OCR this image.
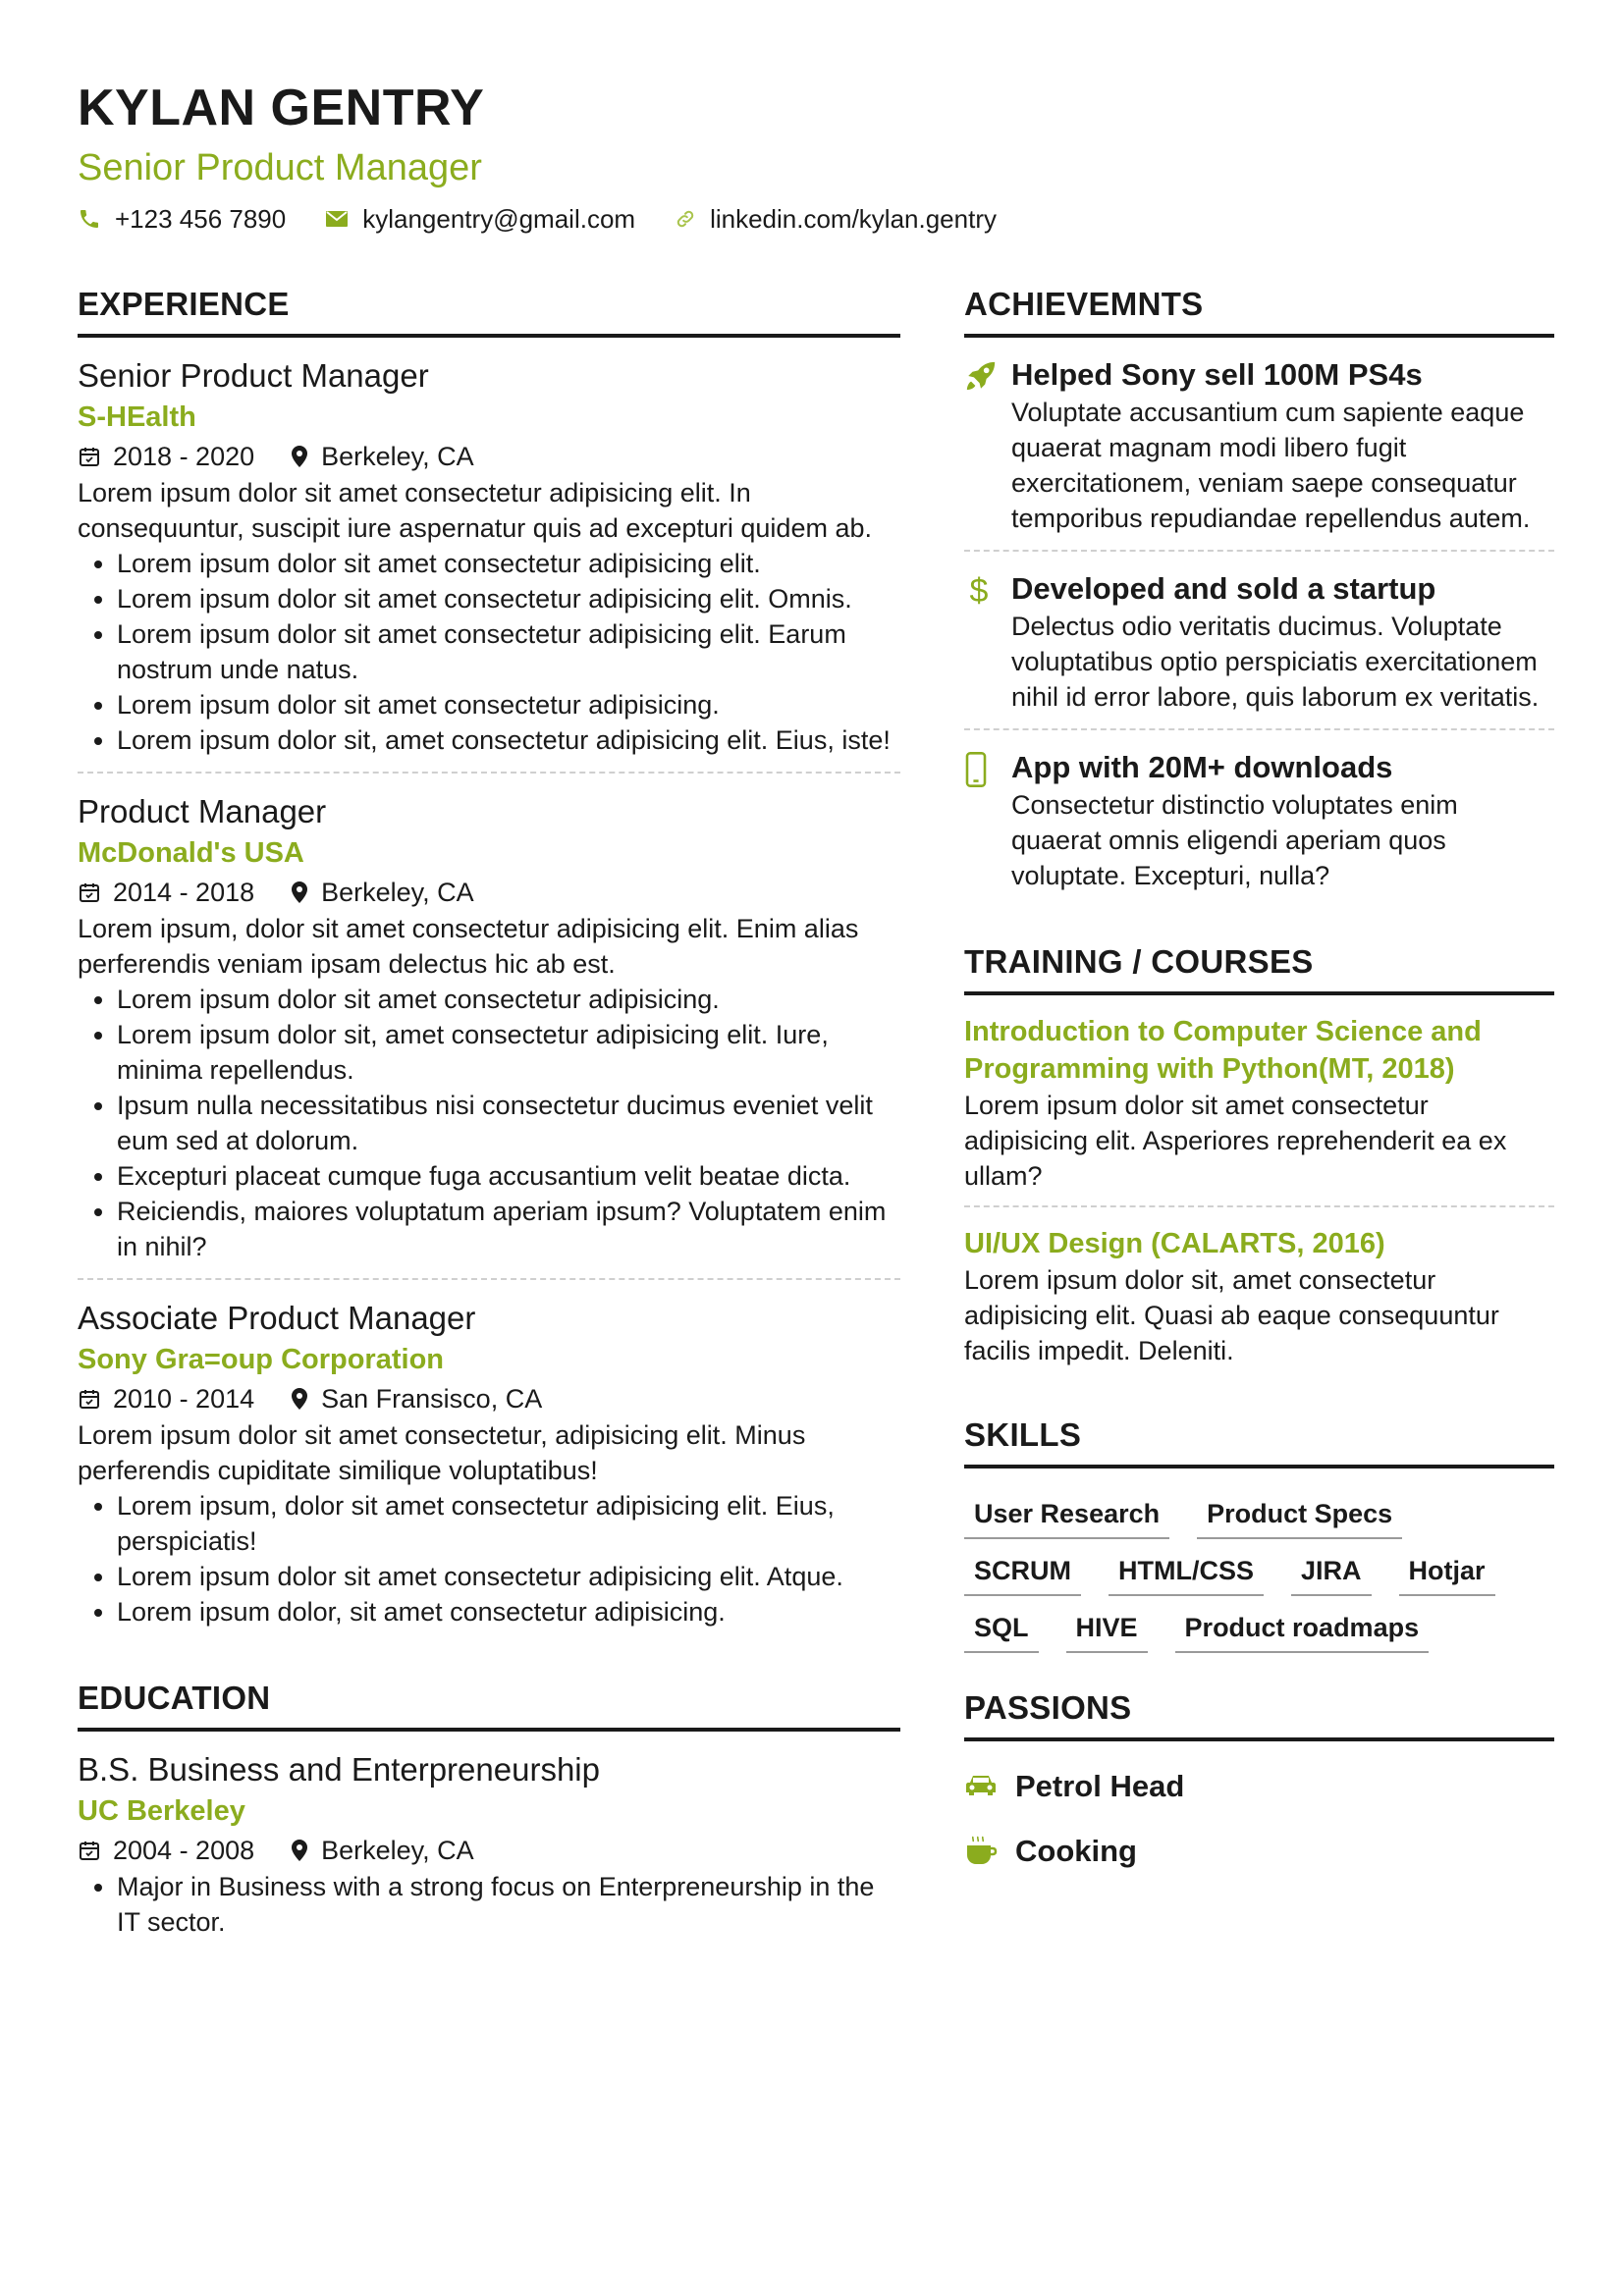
KYLAN GENTRY
Senior Product Manager
+123 456 7890	kylangentry@gmail.com	linkedin.com/kylan.gentry
EXPERIENCE

Senior Product Manager

S-HEalth

2018 - 2020	Berkeley, CA

Lorem ipsum dolor sit amet consectetur adipisicing elit. In consequuntur, suscipit iure aspernatur quis ad excepturi quidem ab.

• Lorem ipsum dolor sit amet consectetur adipisicing elit.
• Lorem ipsum dolor sit amet consectetur adipisicing elit. Omnis.
• Lorem ipsum dolor sit amet consectetur adipisicing elit. Earum nostrum unde natus.
• Lorem ipsum dolor sit amet consectetur adipisicing.
• Lorem ipsum dolor sit, amet consectetur adipisicing elit. Eius, iste!

Product Manager

McDonald's USA

2014 - 2018	Berkeley, CA

Lorem ipsum, dolor sit amet consectetur adipisicing elit. Enim alias perferendis veniam ipsam delectus hic ab est.

• Lorem ipsum dolor sit amet consectetur adipisicing.
• Lorem ipsum dolor sit, amet consectetur adipisicing elit. Iure, minima repellendus.
• Ipsum nulla necessitatibus nisi consectetur ducimus eveniet velit eum sed at dolorum.
• Excepturi placeat cumque fuga accusantium velit beatae dicta.
• Reiciendis, maiores voluptatum aperiam ipsum? Voluptatem enim in nihil?

Associate Product Manager

Sony Gra=oup Corporation

2010 - 2014	San Fransisco, CA

Lorem ipsum dolor sit amet consectetur, adipisicing elit. Minus perferendis cupiditate similique voluptatibus!

• Lorem ipsum, dolor sit amet consectetur adipisicing elit. Eius, perspiciatis!
• Lorem ipsum dolor sit amet consectetur adipisicing elit. Atque.
• Lorem ipsum dolor, sit amet consectetur adipisicing.
EDUCATION

B.S. Business and Enterpreneurship

UC Berkeley

2004 - 2008	Berkeley, CA
• Major in Business with a strong focus on Enterpreneurship in the IT sector.
ACHIEVEMNTS

Helped Sony sell 100M PS4s

Voluptate accusantium cum sapiente eaque quaerat magnam modi libero fugit exercitationem, veniam saepe consequatur temporibus repudiandae repellendus autem.

$ Developed and sold a startup

Delectus odio veritatis ducimus. Voluptate voluptatibus optio perspiciatis exercitationem nihil id error labore, quis laborum ex veritatis.

App with 20M+ downloads

Consectetur distinctio voluptates enim quaerat omnis eligendi aperiam quos voluptate. Excepturi, nulla?

TRAINING / COURSES

Introduction to Computer Science and Programming with Python(MT, 2018)

Lorem ipsum dolor sit amet consectetur adipisicing elit. Asperiores reprehenderit ea ex ullam?

UI/UX Design (CALARTS, 2016)

Lorem ipsum dolor sit, amet consectetur adipisicing elit. Quasi ab eaque consequuntur facilis impedit. Deleniti.

SKILLS
User Research	Product Specs
SCRUM	HTML/CSS	JIRA	Hotjar
SQL	HIVE	Product roadmaps
PASSIONS
Petrol Head
Cooking
